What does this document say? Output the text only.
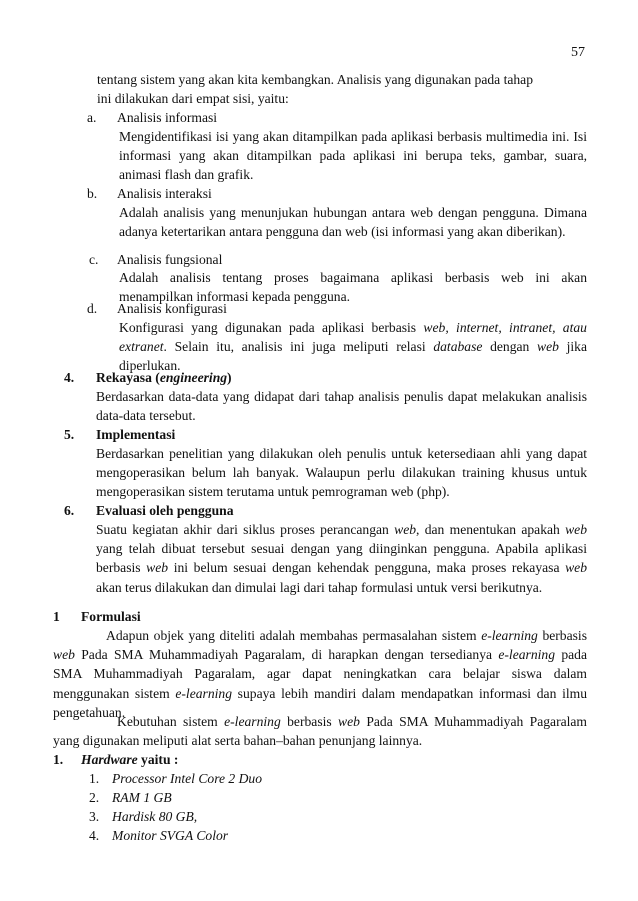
57
tentang sistem yang akan kita kembangkan. Analisis yang digunakan pada tahap
ini dilakukan dari empat sisi, yaitu:
a. Analisis informasi
Mengidentifikasi isi yang akan ditampilkan pada aplikasi berbasis multimedia ini. Isi informasi yang akan ditampilkan pada aplikasi ini berupa teks, gambar, suara, animasi flash dan grafik.
b. Analisis interaksi
Adalah analisis yang menunjukan hubungan antara web dengan pengguna. Dimana adanya ketertarikan antara pengguna dan web (isi informasi yang akan diberikan).
c. Analisis fungsional
Adalah analisis tentang proses bagaimana aplikasi berbasis web ini akan menampilkan informasi kepada pengguna.
d. Analisis konfigurasi
Konfigurasi yang digunakan pada aplikasi berbasis web, internet, intranet, atau extranet. Selain itu, analisis ini juga meliputi relasi database dengan web jika diperlukan.
4. Rekayasa (engineering)
Berdasarkan data-data yang didapat dari tahap analisis penulis dapat melakukan analisis data-data tersebut.
5. Implementasi
Berdasarkan penelitian yang dilakukan oleh penulis untuk ketersediaan ahli yang dapat mengoperasikan belum lah banyak. Walaupun perlu dilakukan training khusus untuk mengoperasikan sistem terutama untuk pemrograman web (php).
6. Evaluasi oleh pengguna
Suatu kegiatan akhir dari siklus proses perancangan web, dan menentukan apakah web yang telah dibuat tersebut sesuai dengan yang diinginkan pengguna. Apabila aplikasi berbasis web ini belum sesuai dengan kehendak pengguna, maka proses rekayasa web akan terus dilakukan dan dimulai lagi dari tahap formulasi untuk versi berikutnya.
1 Formulasi
Adapun objek yang diteliti adalah membahas permasalahan sistem e-learning berbasis web Pada SMA Muhammadiyah Pagaralam, di harapkan dengan tersedianya e-learning pada SMA Muhammadiyah Pagaralam, agar dapat neningkatkan cara belajar siswa dalam menggunakan sistem e-learning supaya lebih mandiri dalam mendapatkan informasi dan ilmu pengetahuan.
Kebutuhan sistem e-learning berbasis web Pada SMA Muhammadiyah Pagaralam yang digunakan meliputi alat serta bahan–bahan penunjang lainnya.
1. Hardware yaitu :
1. Processor Intel Core 2 Duo
2. RAM 1 GB
3. Hardisk 80 GB,
4. Monitor SVGA Color
